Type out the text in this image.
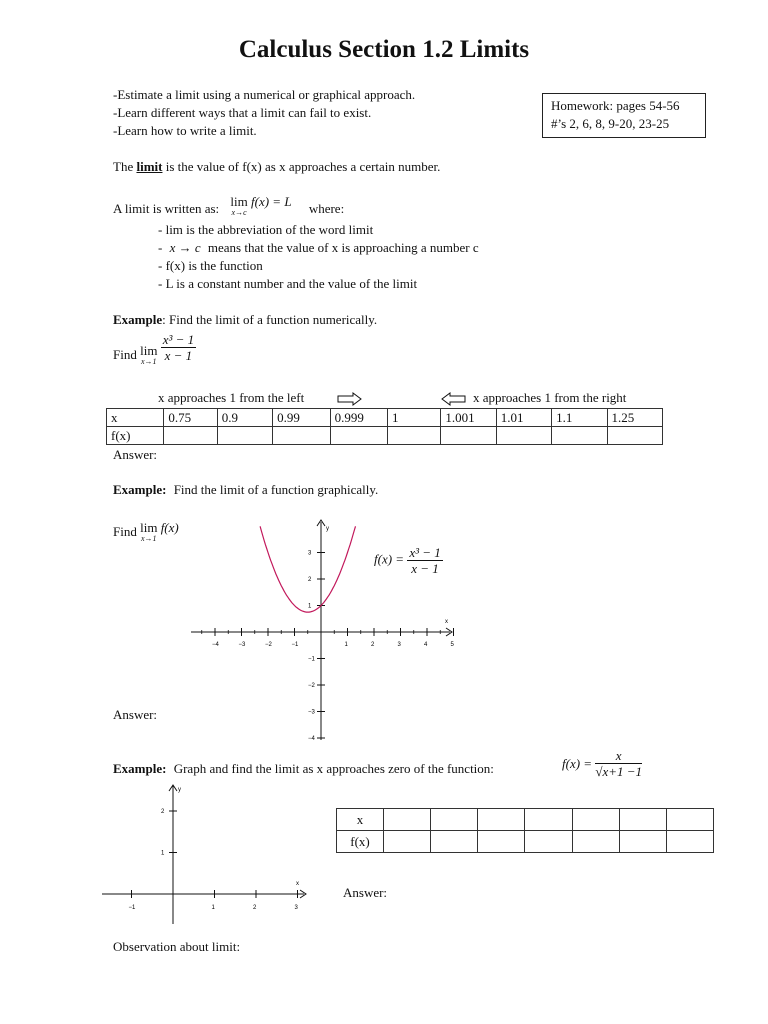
Calculus Section 1.2 Limits
-Estimate a limit using a numerical or graphical approach.
-Learn different ways that a limit can fail to exist.
-Learn how to write a limit.
Homework: pages 54-56
#’s 2, 6, 8, 9-20, 23-25
The limit is the value of f(x) as x approaches a certain number.
A limit is written as: lim
x→c
f(x) = L where:
- lim is the abbreviation of the word limit
- x → c means that the value of x is approaching a number c
- f(x) is the function
- L is a constant number and the value of the limit
Example: Find the limit of a function numerically.
Find lim
x→1
$\frac{\text{x³ − 1}}{x - 1}$
x approaches 1 from the left	x approaches 1 from the right
x	0.75	0.9	0.99	0.999	1	1.001	1.01	1.1	1.25
f(x)									
Answer:
Example: Find the limit of a function graphically.
Find lim
x→1
f(x)
−4	−3	−2	−1	1	2	3	4	5
3
2
1
−1
−2
−3
−4
x
y
$f(x) = \frac{\text{x³ − 1}}{x - 1}$
Answer:
Example: Graph and find the limit as x approaches zero of the function:	$f(x) = \frac{x}{√x+1 -1}$
−1	1	2	3
2
1
x
y
x							
f(x)							
Answer:
Observation about limit:
